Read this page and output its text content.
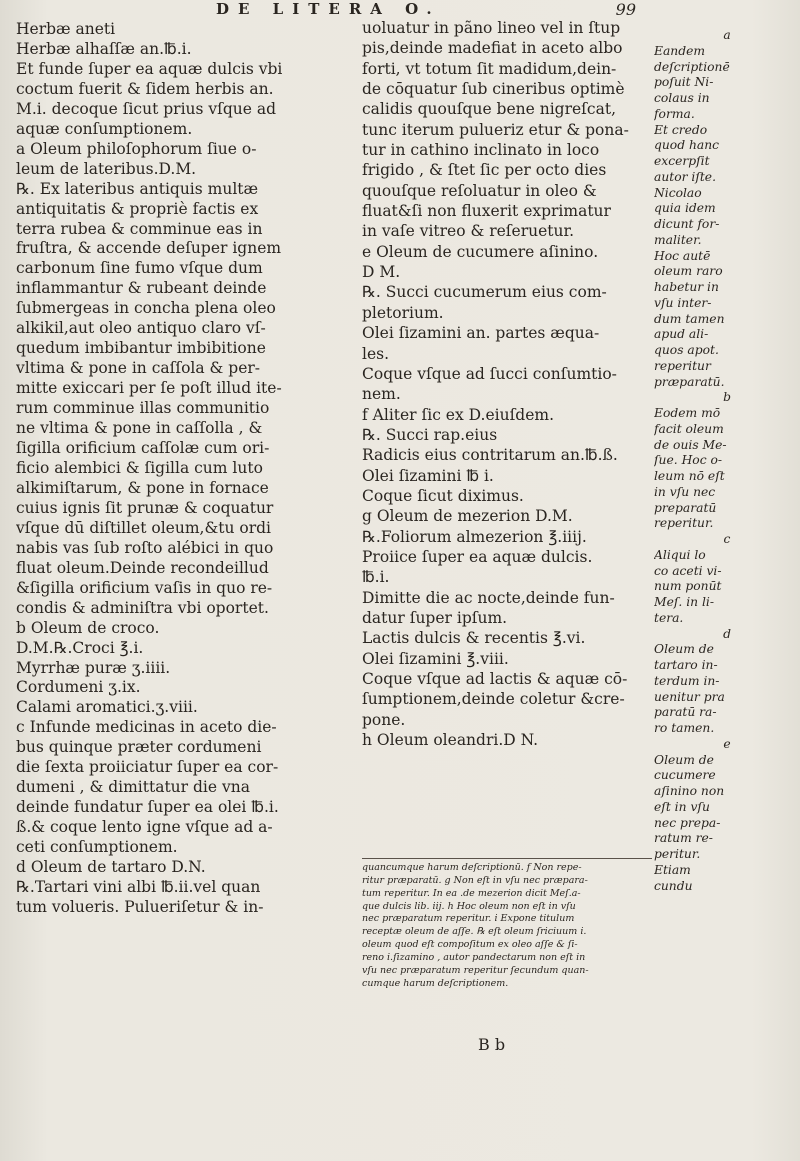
DE LITERA O.	99
Herbæ aneti
Herbæ alhaſſæ an.℔.i.
Et funde ſuper ea aquæ dulcis vbi
coctum fuerit & ſidem herbis an.
M.i. decoque ſicut prius vſque ad
aquæ conſumptionem.
a Oleum philoſophorum ſiue o-
leum de lateribus.D.M.
℞. Ex lateribus antiquis multæ
antiquitatis & propriè factis ex
terra rubea & comminue eas in
fruſtra, & accende deſuper ignem
carbonum ſine fumo vſque dum
inflammantur & rubeant deinde
ſubmergeas in concha plena oleo
alkikil,aut oleo antiquo claro vſ-
quedum imbibantur imbibitione
vltima & pone in caſſola & per-
mitte exiccari per ſe poſt illud ite-
rum comminue illas communitio
ne vltima & pone in caſſolla , &
ſigilla orificium caſſolæ cum ori-
ficio alembici & ſigilla cum luto
alkimiſtarum, & pone in fornace
cuius ignis ſit prunæ & coquatur
vſque dū diſtillet oleum,&tu ordi
nabis vas ſub roſto alébici in quo
fluat oleum.Deinde recondeillud
&ſigilla orificium vaſis in quo re-
condis & adminiſtra vbi oportet.
b Oleum de croco.
D.M.℞.Croci ℥.i.
Myrrhæ puræ ʒ.iiii.
Cordumeni ʒ.ix.
Calami aromatici.ʒ.viii.
c Infunde medicinas in aceto die-
bus quinque præter cordumeni
die ſexta proiiciatur ſuper ea cor-
dumeni , & dimittatur die vna
deinde fundatur ſuper ea olei ℔.i.
ß.& coque lento igne vſque ad a-
ceti conſumptionem.
d Oleum de tartaro D.N.
℞.Tartari vini albi ℔.ii.vel quan
tum volueris. Pulueriſetur & in-
uoluatur in pãno lineo vel in ſtup
pis,deinde madefiat in aceto albo
forti, vt totum ſit madidum,dein-
de cōquatur ſub cineribus optimè
calidis quouſque bene nigreſcat,
tunc iterum pulueriz etur & pona-
tur in cathino inclinato in loco
frigido , & ſtet ſic per octo dies
quouſque reſoluatur in oleo &
fluat&ſi non fluxerit exprimatur
in vaſe vitreo & reſeruetur.
e Oleum de cucumere aſinino.
D M.
℞. Succi cucumerum eius com-
pletorium.
Olei ſizamini an. partes æqua-
les.
Coque vſque ad ſucci conſumtio-
nem.
f Aliter ſic ex D.eiuſdem.
℞. Succi rap.eius
Radicis eius contritarum an.℔.ß.
Olei ſizamini ℔ i.
Coque ſicut diximus.
g Oleum de mezerion D.M.
℞.Foliorum almezerion ℥.iiij.
Proiice ſuper ea aquæ dulcis.
℔.i.
Dimitte die ac nocte,deinde fun-
datur ſuper ipſum.
Lactis dulcis & recentis ℥.vi.
Olei ſizamini ℥.viii.
Coque vſque ad lactis & aquæ cō-
ſumptionem,deinde coletur &cre-
pone.
h Oleum oleandri.D N.
quancumque harum deſcriptionū. f Non repe-
ritur præparatū. g Non eſt in vſu nec præpara-
tum reperitur. In ea .de mezerion dicit Meſ.a-
que dulcis lib. iij. h Hoc oleum non eſt in vſu
nec præparatum reperitur. i Expone titulum
receptæ oleum de aſſe. ℞ eſt oleum ſriciuum i.
oleum quod eſt compoſitum ex oleo aſſe & ſi-
reno i.ſizamino , autor pandectarum non eſt in
vſu nec præparatum reperitur ſecundum quan-
cumque harum deſcriptionem.
B b
a
Eandem
deſcriptionē
poſuit Ni-
colaus in
forma.
Et credo
quod hanc
excerpſit
autor iſte.
Nicolao
quia idem
dicunt for-
maliter.
Hoc autē
oleum raro
habetur in
vſu inter-
dum tamen
apud ali-
quos apot.
reperitur
præparatū.
b
Eodem mō
facit oleum
de ouis Me-
ſue. Hoc o-
leum nō eſt
in vſu nec
preparatū
reperitur.
c
Aliqui lo
co aceti vi-
num ponūt
Meſ. in li-
tera.
d
Oleum de
tartaro in-
terdum in-
uenitur pra
paratū ra-
ro tamen.
e
Oleum de
cucumere
aſinino non
eſt in vſu
nec prepa-
ratum re-
peritur.
Etiam
cundu
